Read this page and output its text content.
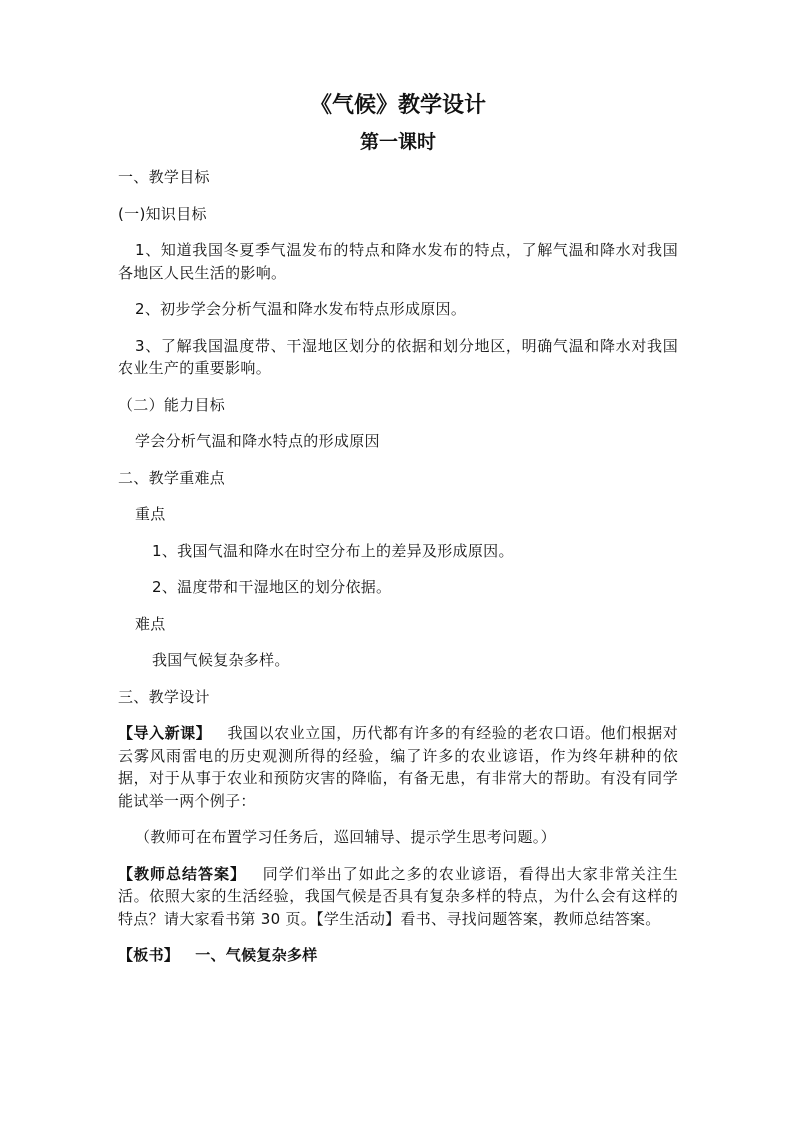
《气候》教学设计
第一课时

一、教学目标

(一)知识目标

1、知道我国冬夏季气温发布的特点和降水发布的特点，了解气温和降水对我国各地区人民生活的影响。

2、初步学会分析气温和降水发布特点形成原因。

3、了解我国温度带、干湿地区划分的依据和划分地区，明确气温和降水对我国农业生产的重要影响。

（二）能力目标

学会分析气温和降水特点的形成原因

二、教学重难点

重点

1、我国气温和降水在时空分布上的差异及形成原因。

2、温度带和干湿地区的划分依据。

难点

我国气候复杂多样。

三、教学设计

【导入新课】 我国以农业立国，历代都有许多的有经验的老农口语。他们根据对云雾风雨雷电的历史观测所得的经验，编了许多的农业谚语，作为终年耕种的依据，对于从事于农业和预防灾害的降临，有备无患，有非常大的帮助。有没有同学能试举一两个例子：

（教师可在布置学习任务后，巡回辅导、提示学生思考问题。）

【教师总结答案】 同学们举出了如此之多的农业谚语，看得出大家非常关注生活。依照大家的生活经验，我国气候是否具有复杂多样的特点，为什么会有这样的特点？请大家看书第 30 页。【学生活动】看书、寻找问题答案，教师总结答案。

【板书】 一、气候复杂多样
